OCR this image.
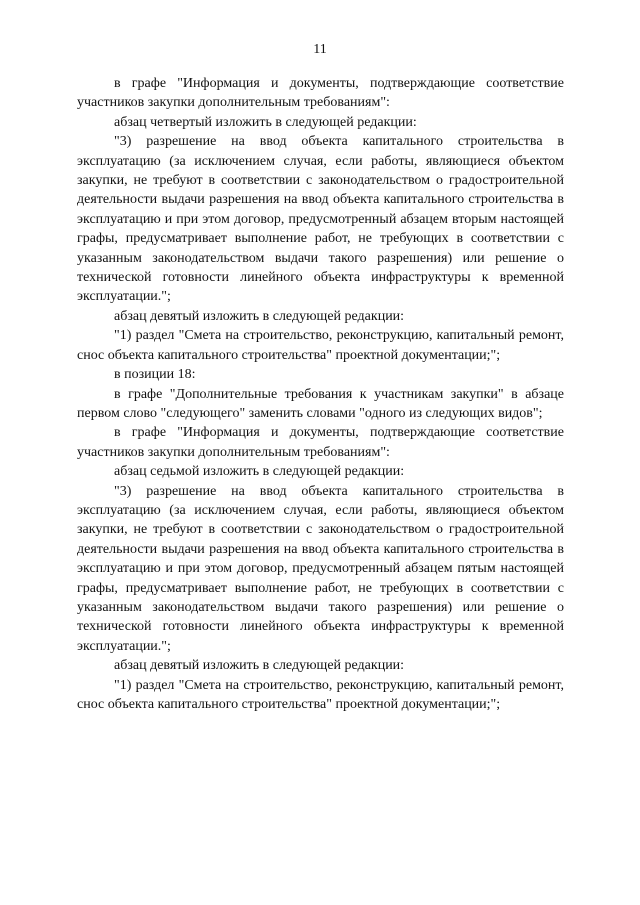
11

в графе "Информация и документы, подтверждающие соответствие участников закупки дополнительным требованиям":

абзац четвертый изложить в следующей редакции:

"3) разрешение на ввод объекта капитального строительства в эксплуатацию (за исключением случая, если работы, являющиеся объектом закупки, не требуют в соответствии с законодательством о градостроительной деятельности выдачи разрешения на ввод объекта капитального строительства в эксплуатацию и при этом договор, предусмотренный абзацем вторым настоящей графы, предусматривает выполнение работ, не требующих в соответствии с указанным законодательством выдачи такого разрешения) или решение о технической готовности линейного объекта инфраструктуры к временной эксплуатации.";

абзац девятый изложить в следующей редакции:

"1) раздел "Смета на строительство, реконструкцию, капитальный ремонт, снос объекта капитального строительства" проектной документации;";

в позиции 18:

в графе "Дополнительные требования к участникам закупки" в абзаце первом слово "следующего" заменить словами "одного из следующих видов";

в графе "Информация и документы, подтверждающие соответствие участников закупки дополнительным требованиям":

абзац седьмой изложить в следующей редакции:

"3) разрешение на ввод объекта капитального строительства в эксплуатацию (за исключением случая, если работы, являющиеся объектом закупки, не требуют в соответствии с законодательством о градостроительной деятельности выдачи разрешения на ввод объекта капитального строительства в эксплуатацию и при этом договор, предусмотренный абзацем пятым настоящей графы, предусматривает выполнение работ, не требующих в соответствии с указанным законодательством выдачи такого разрешения) или решение о технической готовности линейного объекта инфраструктуры к временной эксплуатации.";

абзац девятый изложить в следующей редакции:

"1) раздел "Смета на строительство, реконструкцию, капитальный ремонт, снос объекта капитального строительства" проектной документации;";
